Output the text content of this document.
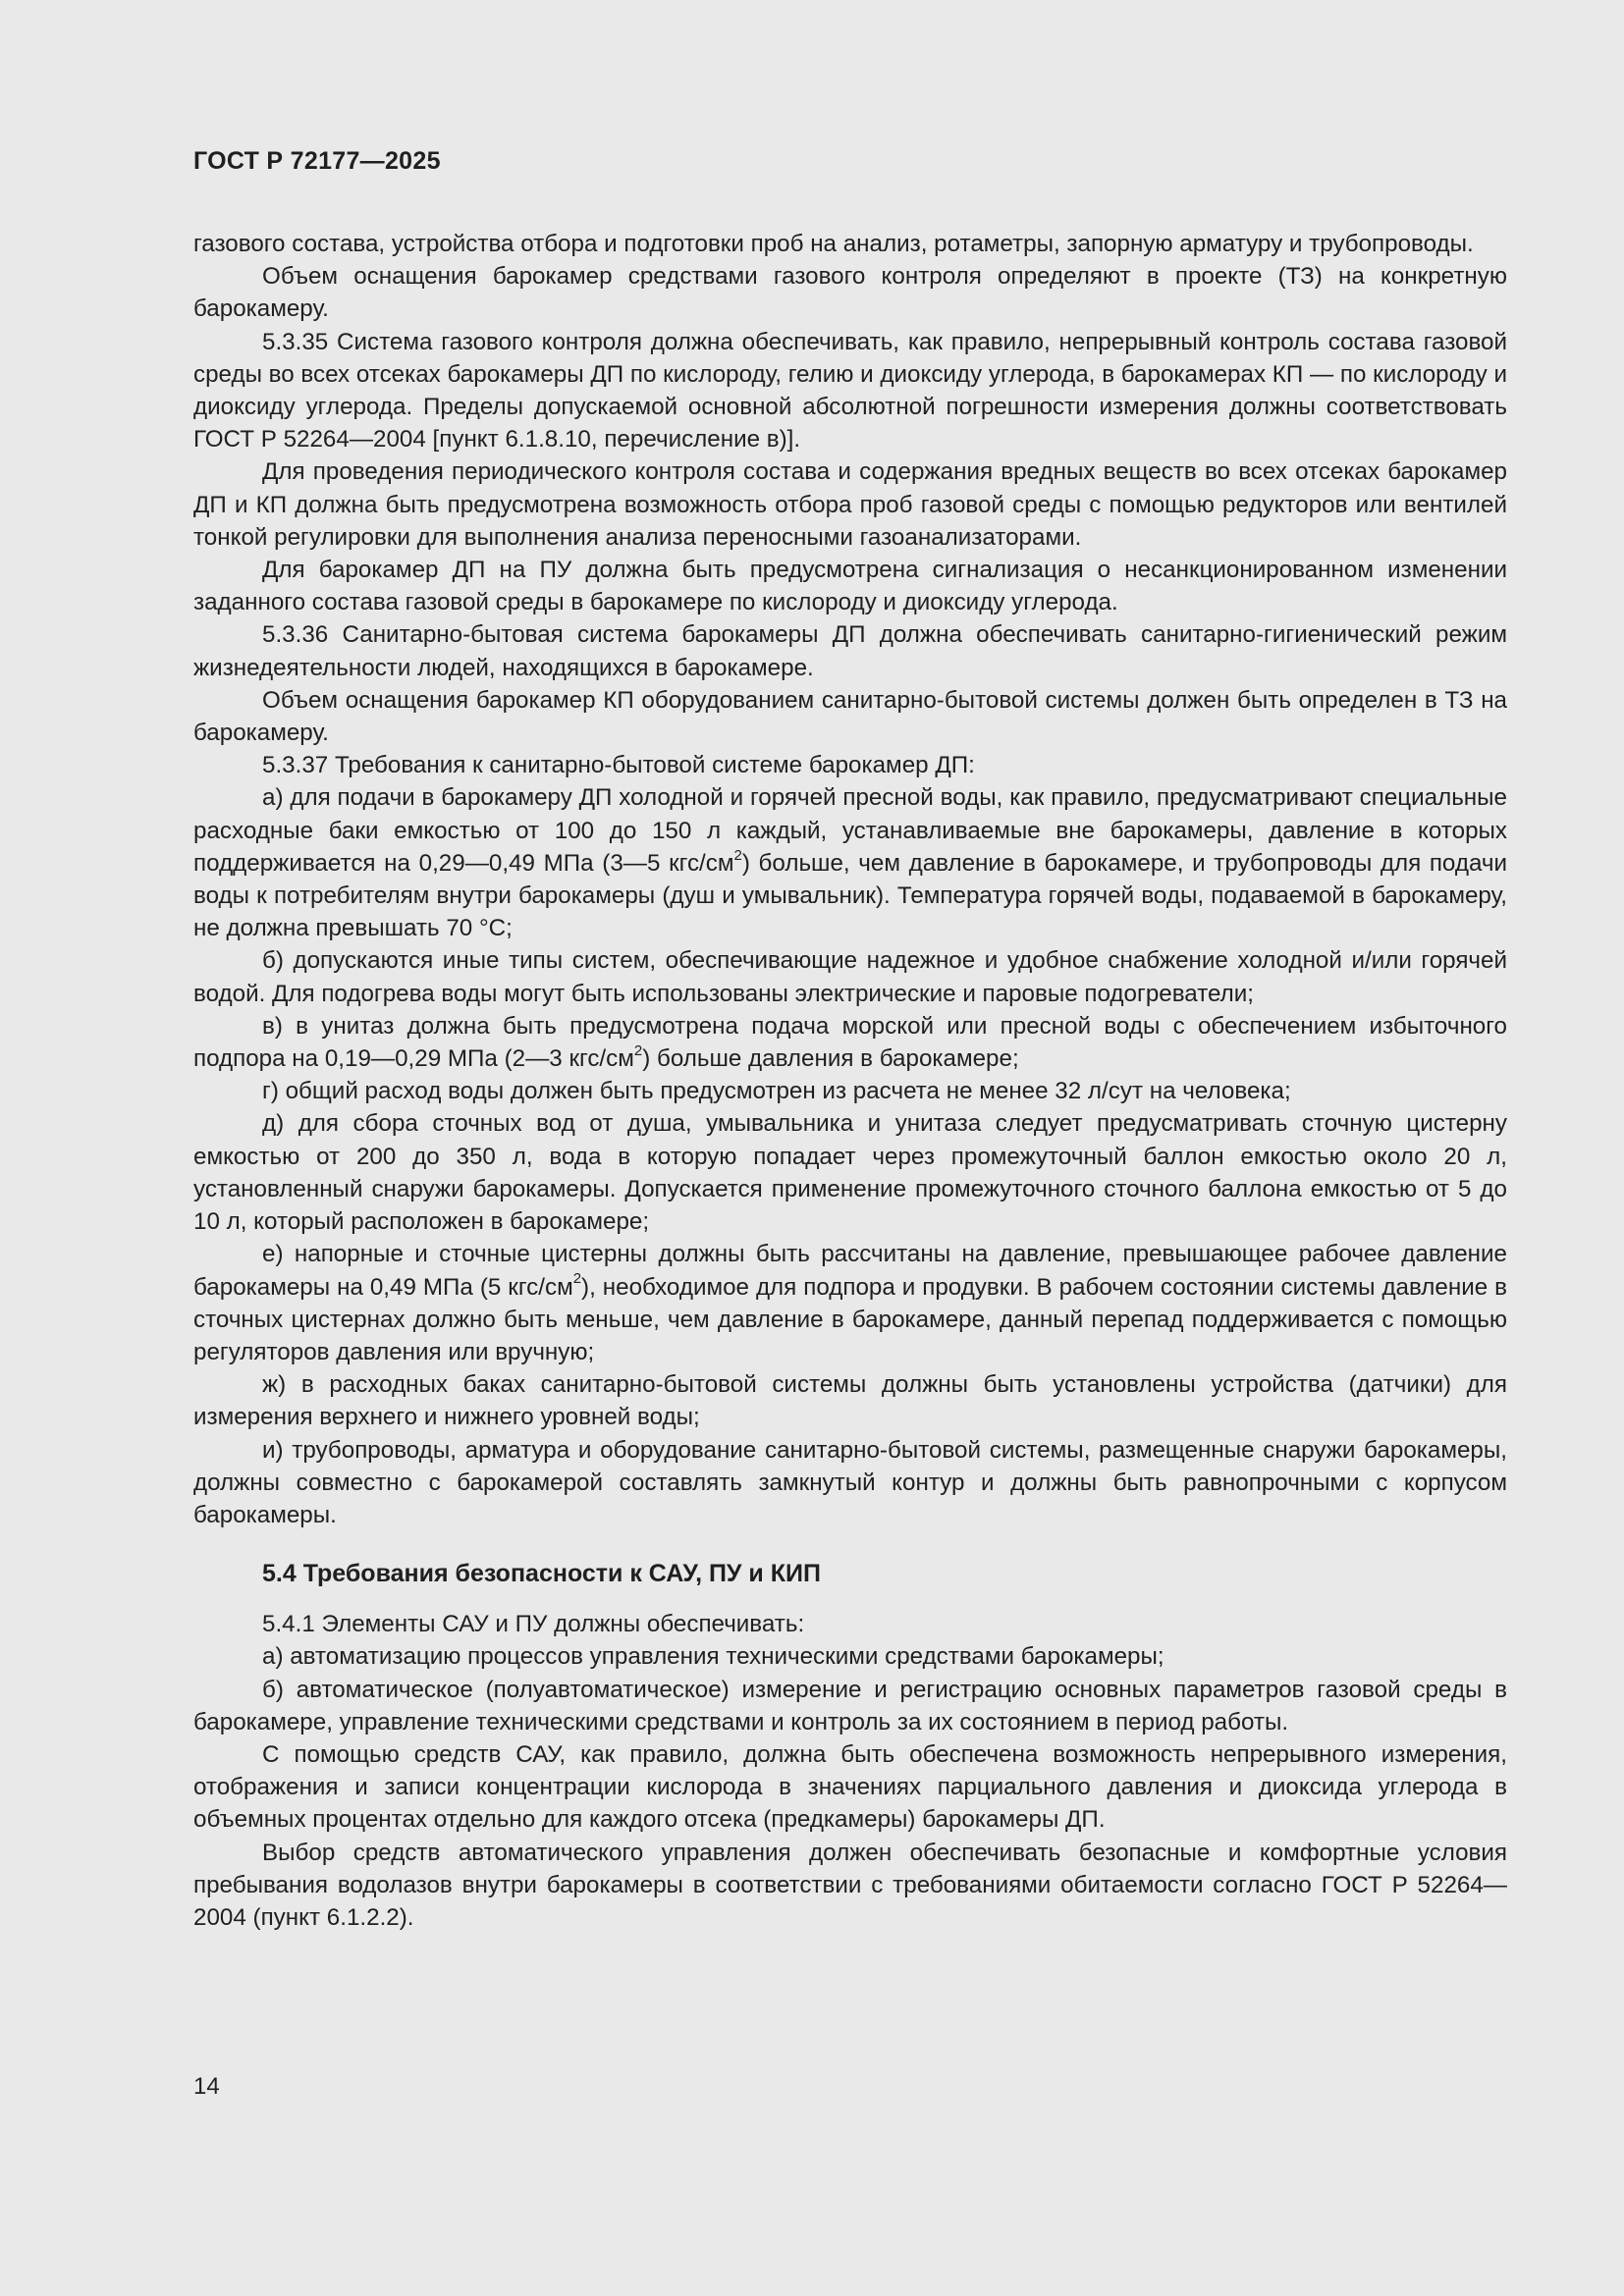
ГОСТ Р 72177—2025

газового состава, устройства отбора и подготовки проб на анализ, ротаметры, запорную арматуру и трубопроводы.

Объем оснащения барокамер средствами газового контроля определяют в проекте (ТЗ) на конкретную барокамеру.

5.3.35 Система газового контроля должна обеспечивать, как правило, непрерывный контроль состава газовой среды во всех отсеках барокамеры ДП по кислороду, гелию и диоксиду углерода, в барокамерах КП — по кислороду и диоксиду углерода. Пределы допускаемой основной абсолютной погрешности измерения должны соответствовать ГОСТ Р 52264—2004 [пункт 6.1.8.10, перечисление в)].

Для проведения периодического контроля состава и содержания вредных веществ во всех отсеках барокамер ДП и КП должна быть предусмотрена возможность отбора проб газовой среды с помощью редукторов или вентилей тонкой регулировки для выполнения анализа переносными газоанализаторами.

Для барокамер ДП на ПУ должна быть предусмотрена сигнализация о несанкционированном изменении заданного состава газовой среды в барокамере по кислороду и диоксиду углерода.

5.3.36 Санитарно-бытовая система барокамеры ДП должна обеспечивать санитарно-гигиенический режим жизнедеятельности людей, находящихся в барокамере.

Объем оснащения барокамер КП оборудованием санитарно-бытовой системы должен быть определен в ТЗ на барокамеру.

5.3.37 Требования к санитарно-бытовой системе барокамер ДП:

а) для подачи в барокамеру ДП холодной и горячей пресной воды, как правило, предусматривают специальные расходные баки емкостью от 100 до 150 л каждый, устанавливаемые вне барокамеры, давление в которых поддерживается на 0,29—0,49 МПа (3—5 кгс/$см^2$) больше, чем давление в барокамере, и трубопроводы для подачи воды к потребителям внутри барокамеры (душ и умывальник). Температура горячей воды, подаваемой в барокамеру, не должна превышать 70 °С;

б) допускаются иные типы систем, обеспечивающие надежное и удобное снабжение холодной и/или горячей водой. Для подогрева воды могут быть использованы электрические и паровые подогреватели;

в) в унитаз должна быть предусмотрена подача морской или пресной воды с обеспечением избыточного подпора на 0,19—0,29 МПа (2—3 кгс/$см^2$) больше давления в барокамере;

г) общий расход воды должен быть предусмотрен из расчета не менее 32 л/сут на человека;

д) для сбора сточных вод от душа, умывальника и унитаза следует предусматривать сточную цистерну емкостью от 200 до 350 л, вода в которую попадает через промежуточный баллон емкостью около 20 л, установленный снаружи барокамеры. Допускается применение промежуточного сточного баллона емкостью от 5 до 10 л, который расположен в барокамере;

е) напорные и сточные цистерны должны быть рассчитаны на давление, превышающее рабочее давление барокамеры на 0,49 МПа (5 кгс/$см^2$), необходимое для подпора и продувки. В рабочем состоянии системы давление в сточных цистернах должно быть меньше, чем давление в барокамере, данный перепад поддерживается с помощью регуляторов давления или вручную;

ж) в расходных баках санитарно-бытовой системы должны быть установлены устройства (датчики) для измерения верхнего и нижнего уровней воды;

и) трубопроводы, арматура и оборудование санитарно-бытовой системы, размещенные снаружи барокамеры, должны совместно с барокамерой составлять замкнутый контур и должны быть равнопрочными с корпусом барокамеры.

5.4 Требования безопасности к САУ, ПУ и КИП

5.4.1 Элементы САУ и ПУ должны обеспечивать:

а) автоматизацию процессов управления техническими средствами барокамеры;

б) автоматическое (полуавтоматическое) измерение и регистрацию основных параметров газовой среды в барокамере, управление техническими средствами и контроль за их состоянием в период работы.

С помощью средств САУ, как правило, должна быть обеспечена возможность непрерывного измерения, отображения и записи концентрации кислорода в значениях парциального давления и диоксида углерода в объемных процентах отдельно для каждого отсека (предкамеры) барокамеры ДП.

Выбор средств автоматического управления должен обеспечивать безопасные и комфортные условия пребывания водолазов внутри барокамеры в соответствии с требованиями обитаемости согласно ГОСТ Р 52264—2004 (пункт 6.1.2.2).

14
